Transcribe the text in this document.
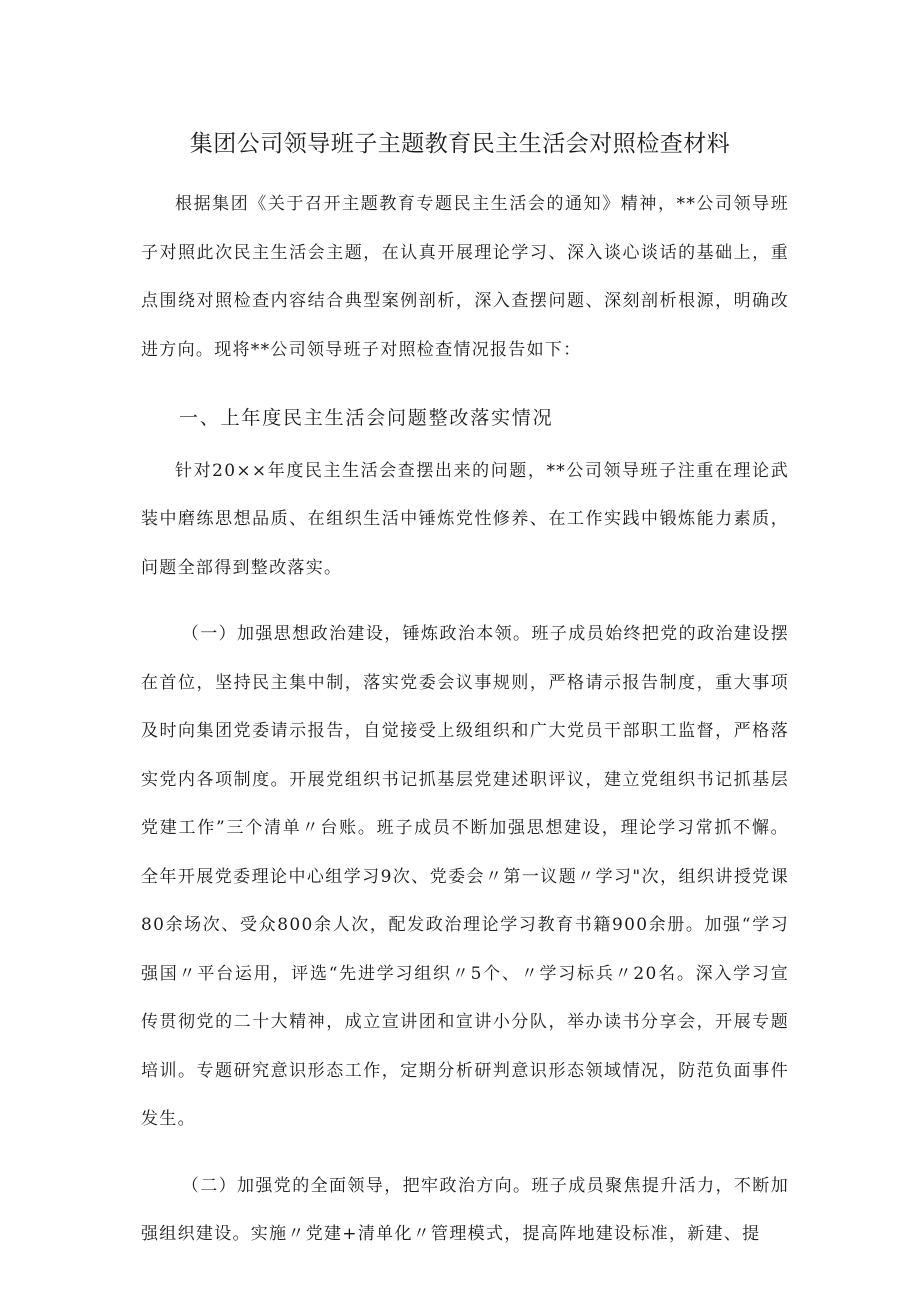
集团公司领导班子主题教育民主生活会对照检查材料

根据集团《关于召开主题教育专题民主生活会的通知》精神，**公司领导班子对照此次民主生活会主题，在认真开展理论学习、深入谈心谈话的基础上，重点围绕对照检查内容结合典型案例剖析，深入查摆问题、深刻剖析根源，明确改进方向。现将**公司领导班子对照检查情况报告如下：

一、上年度民主生活会问题整改落实情况

针对20××年度民主生活会查摆出来的问题，**公司领导班子注重在理论武装中磨练思想品质、在组织生活中锤炼党性修养、在工作实践中锻炼能力素质，问题全部得到整改落实。

（一）加强思想政治建设，锤炼政治本领。班子成员始终把党的政治建设摆在首位，坚持民主集中制，落实党委会议事规则，严格请示报告制度，重大事项及时向集团党委请示报告，自觉接受上级组织和广大党员干部职工监督，严格落实党内各项制度。开展党组织书记抓基层党建述职评议，建立党组织书记抓基层党建工作”三个清单〃台账。班子成员不断加强思想建设，理论学习常抓不懈。全年开展党委理论中心组学习9次、党委会〃第一议题〃学习"次，组织讲授党课80余场次、受众800余人次，配发政治理论学习教育书籍900余册。加强“学习强国〃平台运用，评选“先进学习组织〃5个、〃学习标兵〃20名。深入学习宣传贯彻党的二十大精神，成立宣讲团和宣讲小分队，举办读书分享会，开展专题培训。专题研究意识形态工作，定期分析研判意识形态领域情况，防范负面事件发生。

（二）加强党的全面领导，把牢政治方向。班子成员聚焦提升活力，不断加强组织建设。实施〃党建+清单化〃管理模式，提高阵地建设标准，新建、提
